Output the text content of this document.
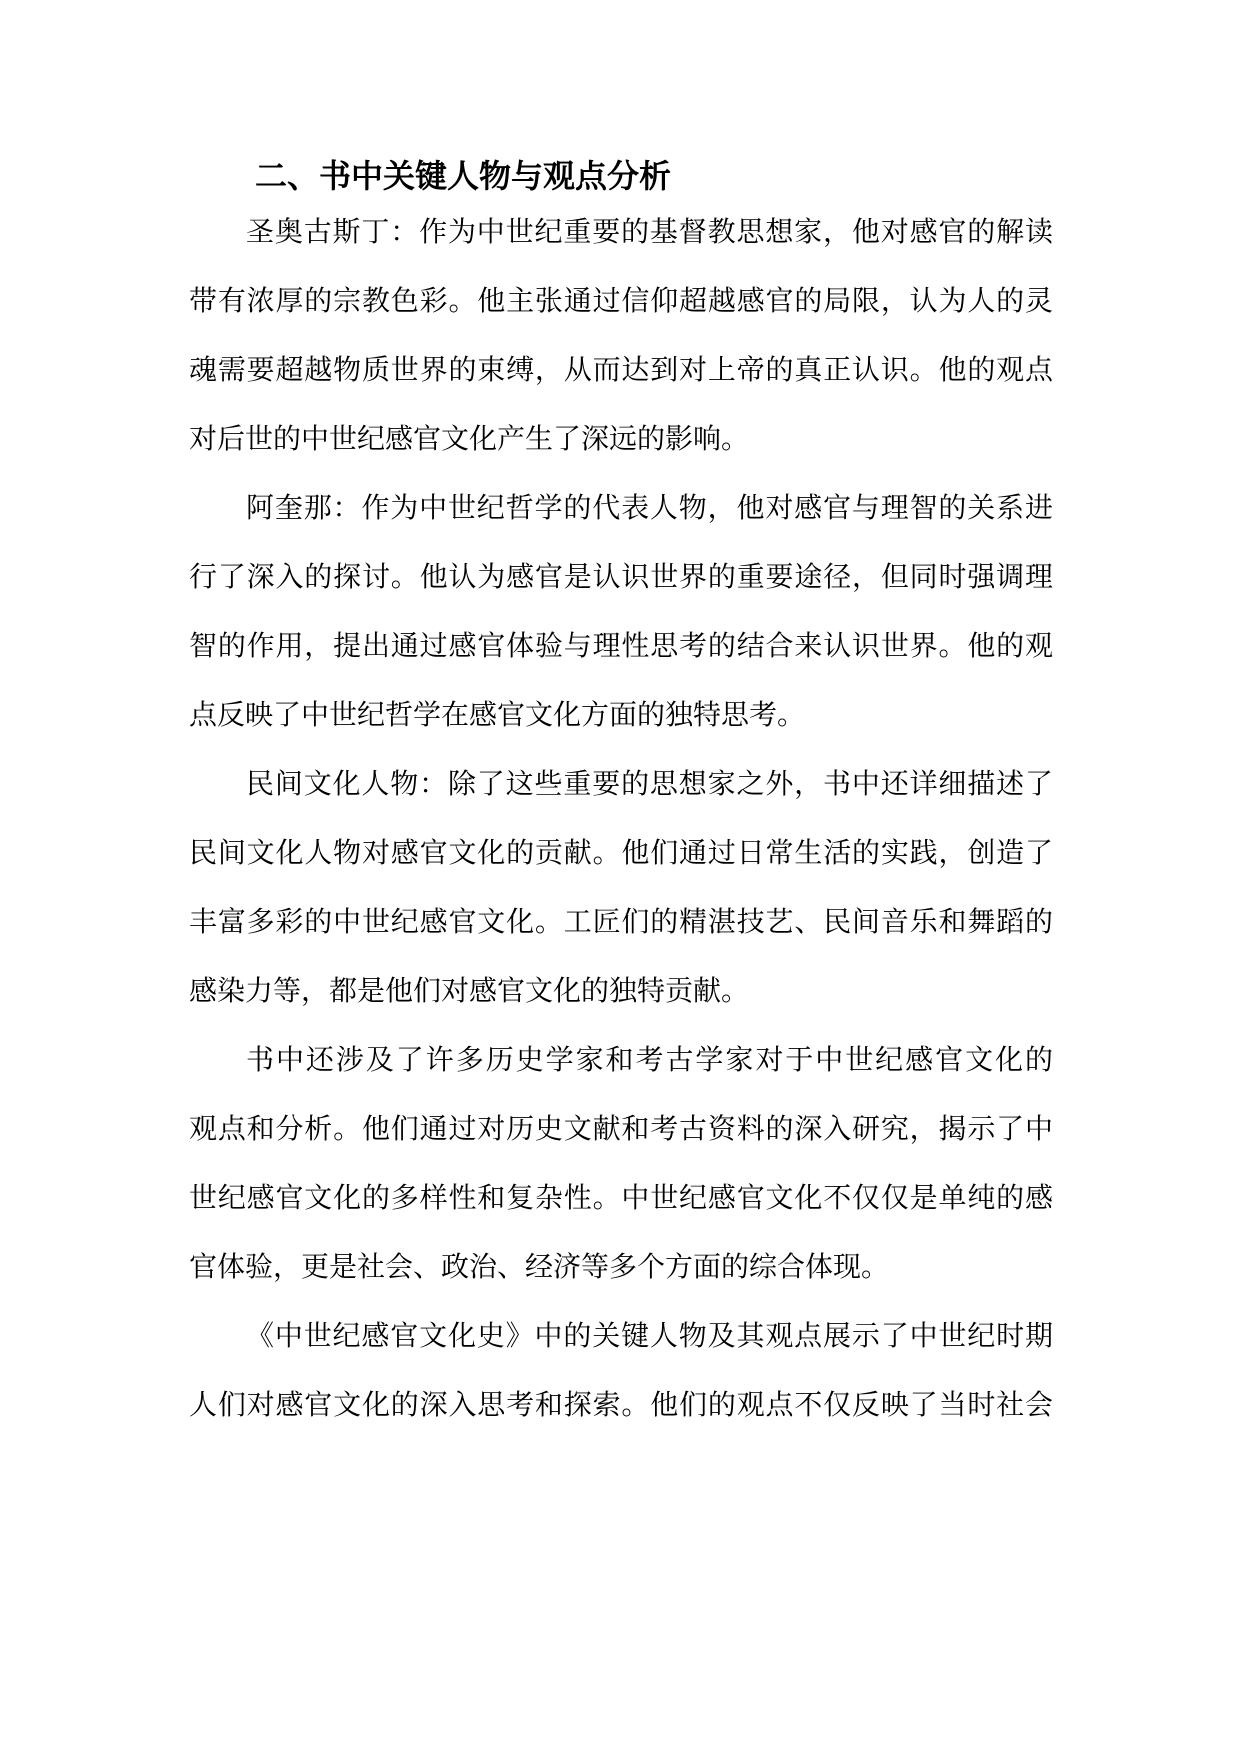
二、书中关键人物与观点分析

圣奥古斯丁：作为中世纪重要的基督教思想家，他对感官的解读

带有浓厚的宗教色彩。他主张通过信仰超越感官的局限，认为人的灵

魂需要超越物质世界的束缚，从而达到对上帝的真正认识。他的观点

对后世的中世纪感官文化产生了深远的影响。

阿奎那：作为中世纪哲学的代表人物，他对感官与理智的关系进

行了深入的探讨。他认为感官是认识世界的重要途径，但同时强调理

智的作用，提出通过感官体验与理性思考的结合来认识世界。他的观

点反映了中世纪哲学在感官文化方面的独特思考。

民间文化人物：除了这些重要的思想家之外，书中还详细描述了

民间文化人物对感官文化的贡献。他们通过日常生活的实践，创造了

丰富多彩的中世纪感官文化。工匠们的精湛技艺、民间音乐和舞蹈的

感染力等，都是他们对感官文化的独特贡献。

书中还涉及了许多历史学家和考古学家对于中世纪感官文化的

观点和分析。他们通过对历史文献和考古资料的深入研究，揭示了中

世纪感官文化的多样性和复杂性。中世纪感官文化不仅仅是单纯的感

官体验，更是社会、政治、经济等多个方面的综合体现。

《中世纪感官文化史》中的关键人物及其观点展示了中世纪时期

人们对感官文化的深入思考和探索。他们的观点不仅反映了当时社会
